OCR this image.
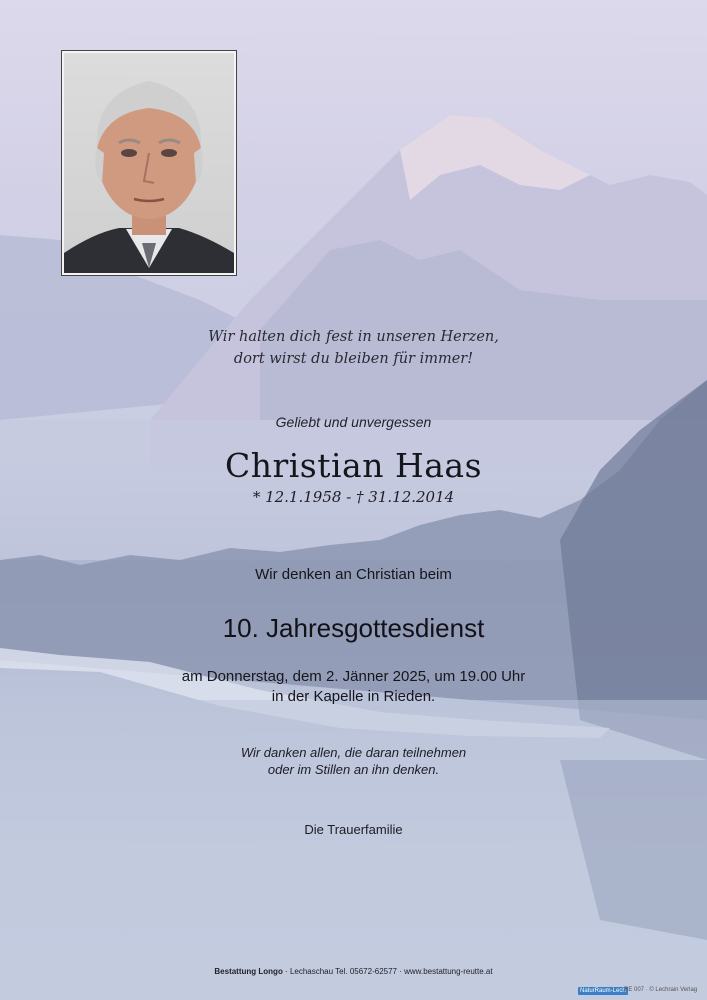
Wir halten dich fest in unseren Herzen,
dort wirst du bleiben für immer!
Geliebt und unvergessen
Christian Haas
* 12.1.1958 - † 31.12.2014
Wir denken an Christian beim
10. Jahresgottesdienst
am Donnerstag, dem 2. Jänner 2025, um 19.00 Uhr
in der Kapelle in Rieden.
Wir danken allen, die daran teilnehmen
oder im Stillen an ihn denken.
Die Trauerfamilie
Bestattung Longo · Lechaschau Tel. 05672-62577 · www.bestattung-reutte.at
NaturRaum-Lech
RE 007 · © Lechrain Verlag
